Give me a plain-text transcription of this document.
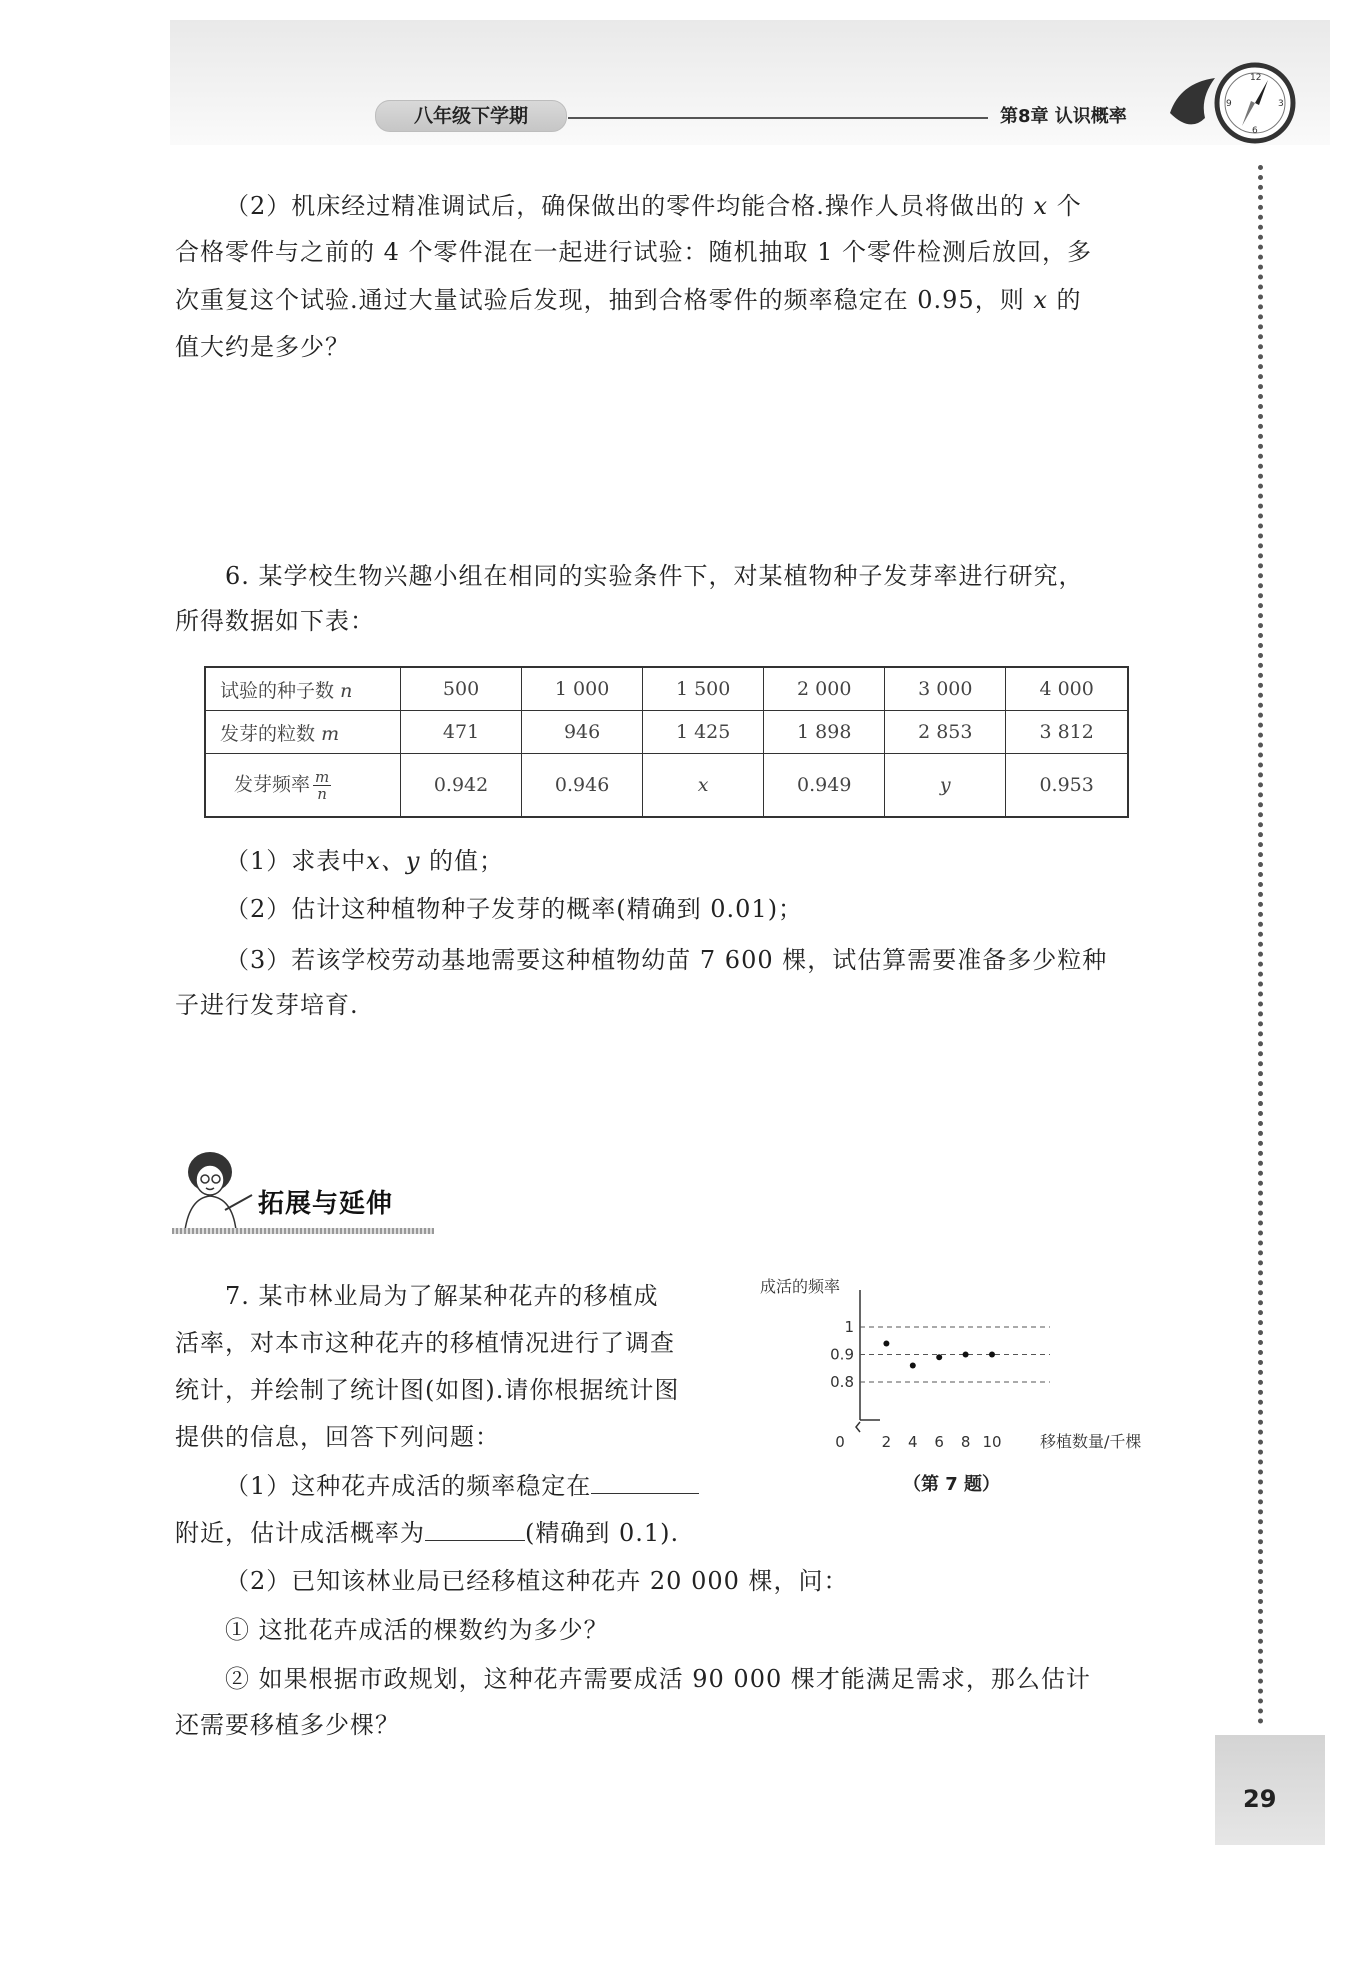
八年级下学期	第8章 认识概率
12
3
6
9
（2）机床经过精准调试后，确保做出的零件均能合格.操作人员将做出的 x 个
合格零件与之前的 4 个零件混在一起进行试验：随机抽取 1 个零件检测后放回，多
次重复这个试验.通过大量试验后发现，抽到合格零件的频率稳定在 0.95，则 x 的
值大约是多少？
6. 某学校生物兴趣小组在相同的实验条件下，对某植物种子发芽率进行研究，
所得数据如下表：
试验的种子数 n	500	1 000	1 500	2 000	3 000	4 000
发芽的粒数 m	471	946	1 425	1 898	2 853	3 812
发芽频率 $\frac{m}{n}$	0.942	0.946	x	0.949	y	0.953
（1）求表中x、y 的值；
（2）估计这种植物种子发芽的概率(精确到 0.01)；
（3）若该学校劳动基地需要这种植物幼苗 7 600 棵，试估算需要准备多少粒种
子进行发芽培育.
拓展与延伸
7. 某市林业局为了解某种花卉的移植成
活率，对本市这种花卉的移植情况进行了调查
统计，并绘制了统计图(如图).请你根据统计图
提供的信息，回答下列问题：
（1）这种花卉成活的频率稳定在
附近，估计成活概率为	(精确到 0.1).
（2）已知该林业局已经移植这种花卉 20 000 棵，问：
① 这批花卉成活的棵数约为多少？
② 如果根据市政规划，这种花卉需要成活 90 000 棵才能满足需求，那么估计
还需要移植多少棵？
成活的频率
1
0.9
0.8
0 2 4 6 8 10 移植数量/千棵
（第 7 题）
29
